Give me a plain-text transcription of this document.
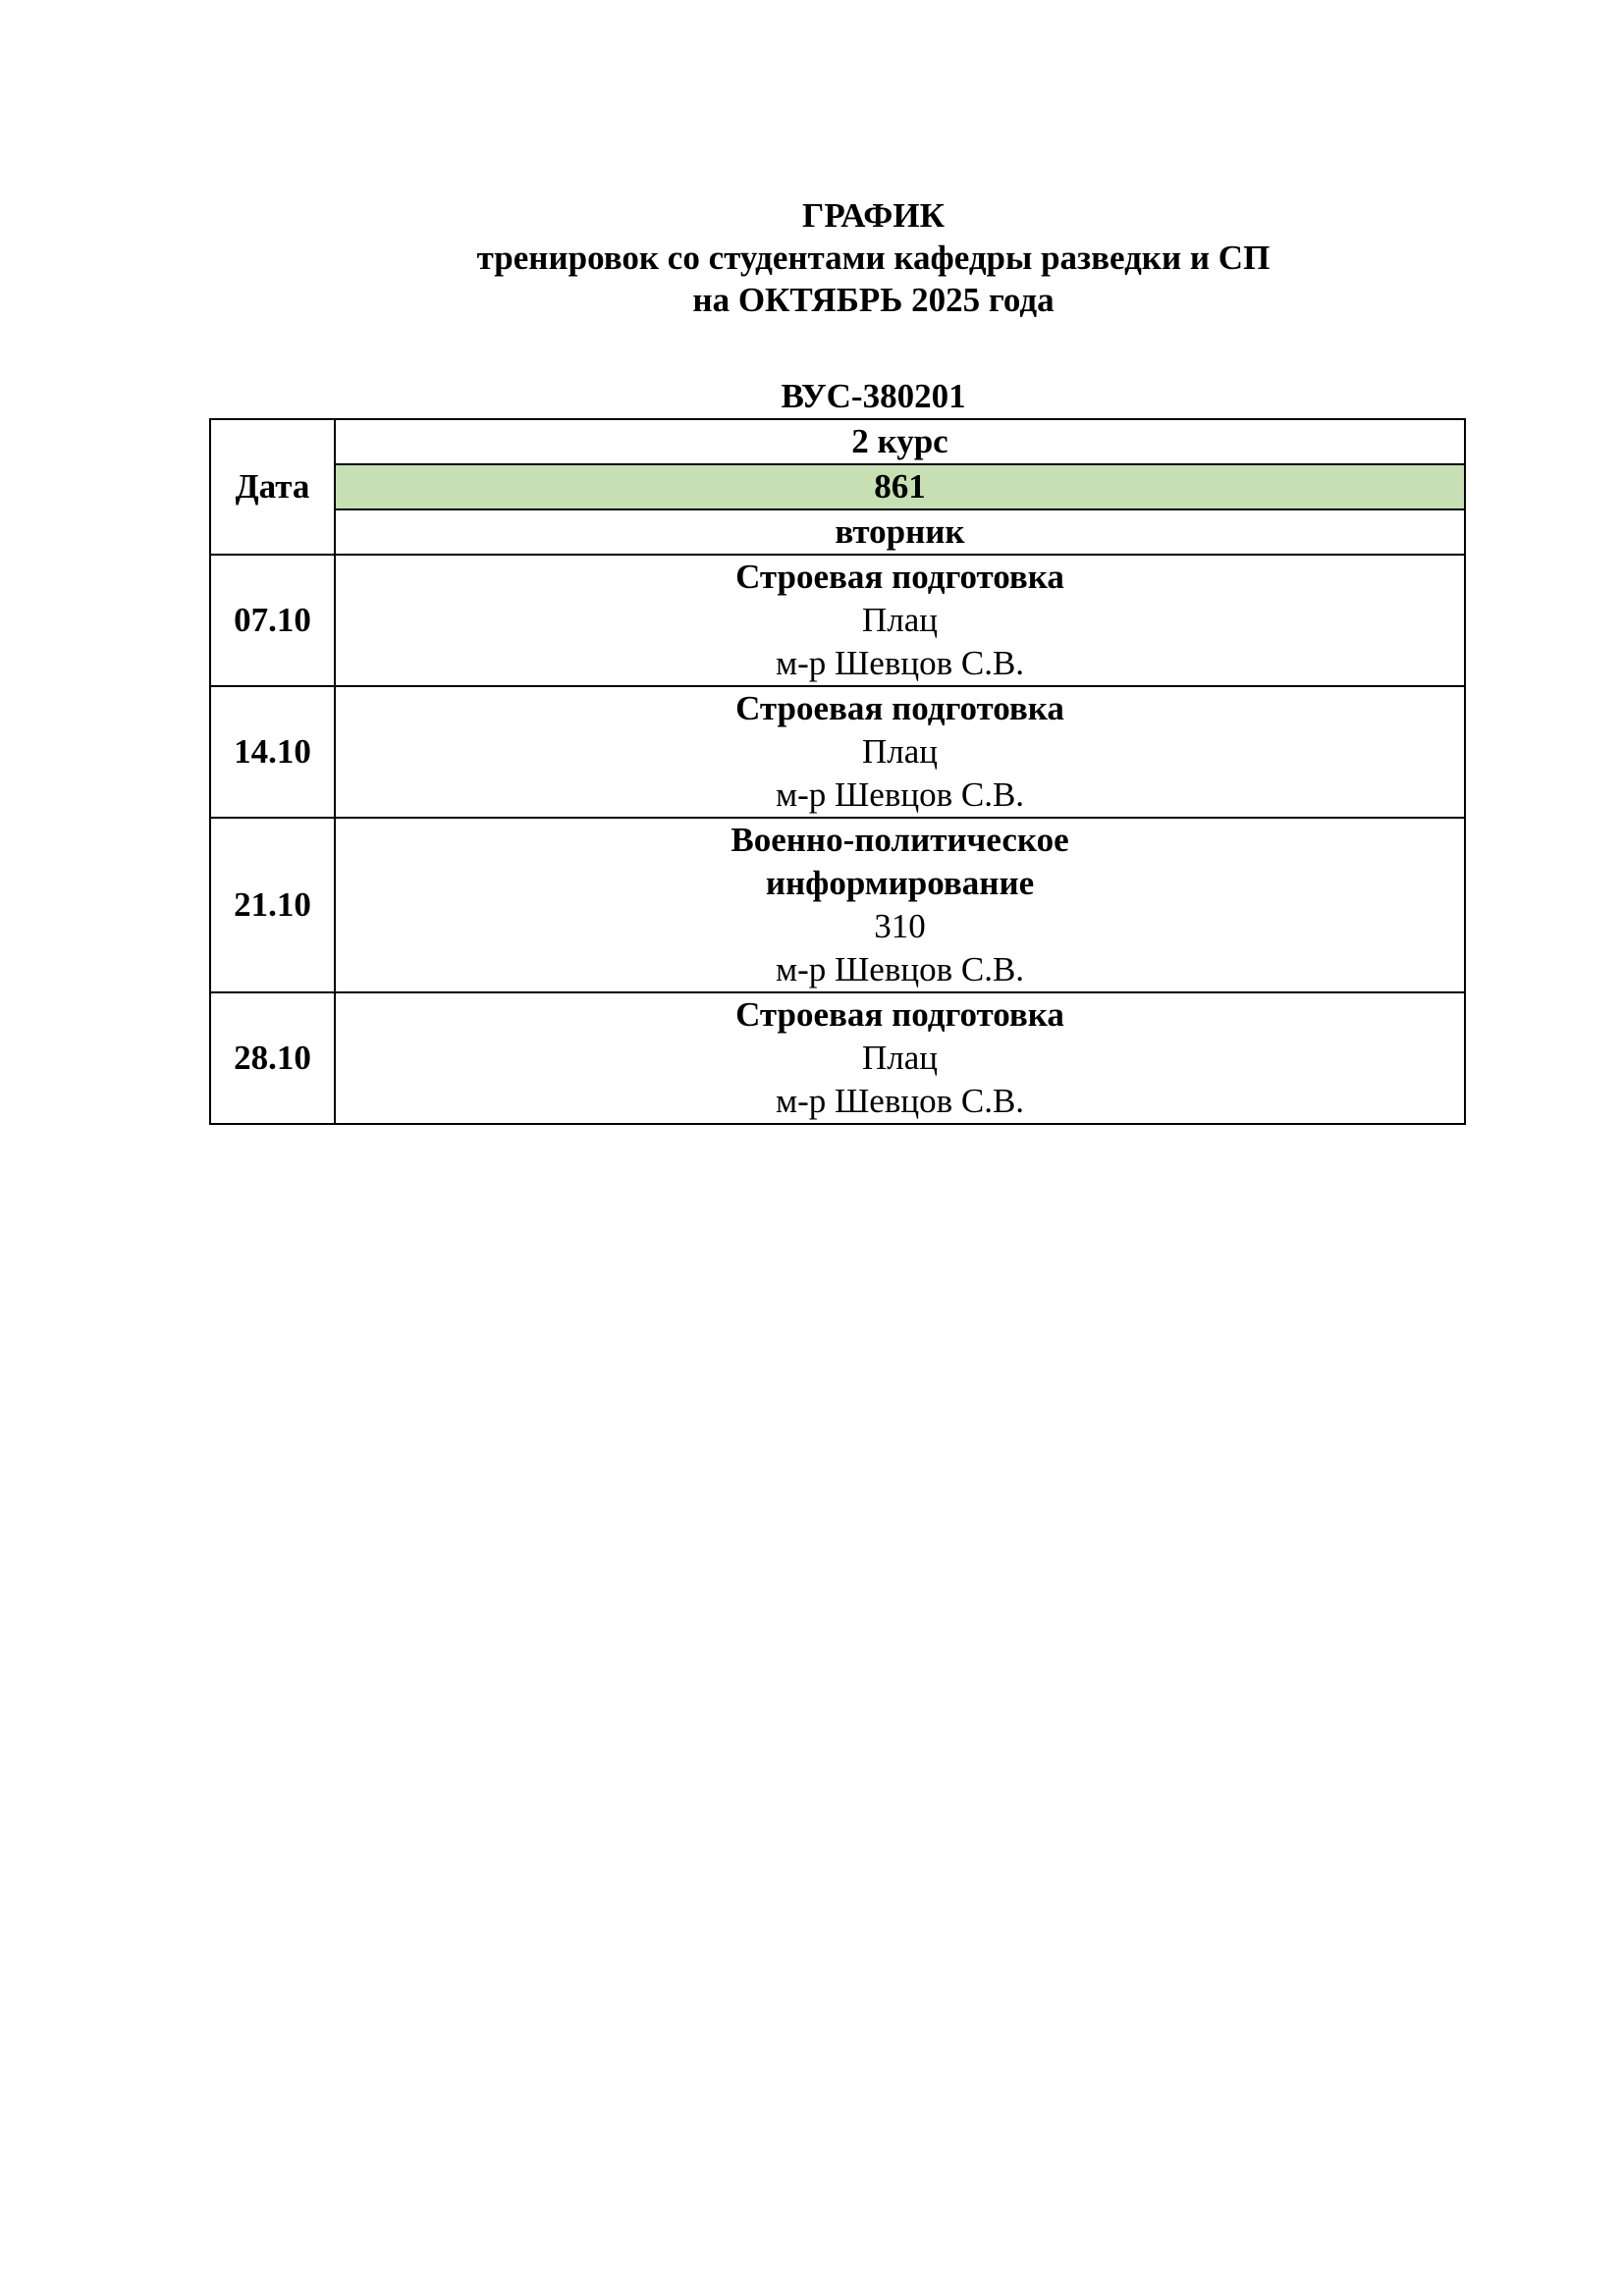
ГРАФИК
тренировок со студентами кафедры разведки и СП
на ОКТЯБРЬ 2025 года
ВУС-380201
Дата	2 курс
	861
	вторник
07.10	Строевая подготовка
Плац
м-р Шевцов С.В.

14.10	Строевая подготовка
Плац
м-р Шевцов С.В.

21.10	Военно-политическое
информирование
310
м-р Шевцов С.В.

28.10	Строевая подготовка
Плац
м-р Шевцов С.В.
